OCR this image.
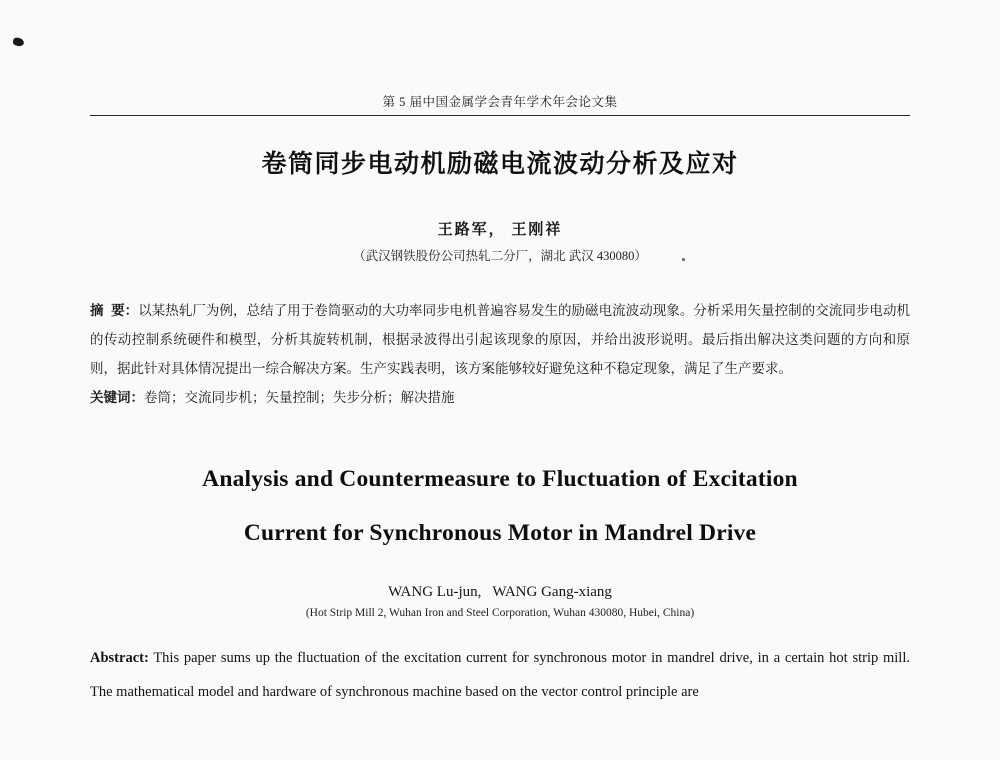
第 5 届中国金属学会青年学术年会论文集
卷筒同步电动机励磁电流波动分析及应对
王路军， 王刚祥
（武汉钢铁股份公司热轧二分厂，湖北 武汉 430080）

摘  要：以某热轧厂为例，总结了用于卷筒驱动的大功率同步电机普遍容易发生的励磁电流波动现象。分析采用矢量控制的交流同步电动机的传动控制系统硬件和模型，分析其旋转机制，根据录波得出引起该现象的原因，并给出波形说明。最后指出解决这类问题的方向和原则，据此针对具体情况提出一综合解决方案。生产实践表明，该方案能够较好避免这种不稳定现象，满足了生产要求。

关键词：卷筒；交流同步机；矢量控制；失步分析；解决措施

Analysis and Countermeasure to Fluctuation of Excitation
Current for Synchronous Motor in Mandrel Drive
WANG Lu-jun,   WANG Gang-xiang
(Hot Strip Mill 2, Wuhan Iron and Steel Corporation, Wuhan 430080, Hubei, China)

Abstract: This paper sums up the fluctuation of the excitation current for synchronous motor in mandrel drive, in a certain hot strip mill. The mathematical model and hardware of synchronous machine based on the vector control principle are
